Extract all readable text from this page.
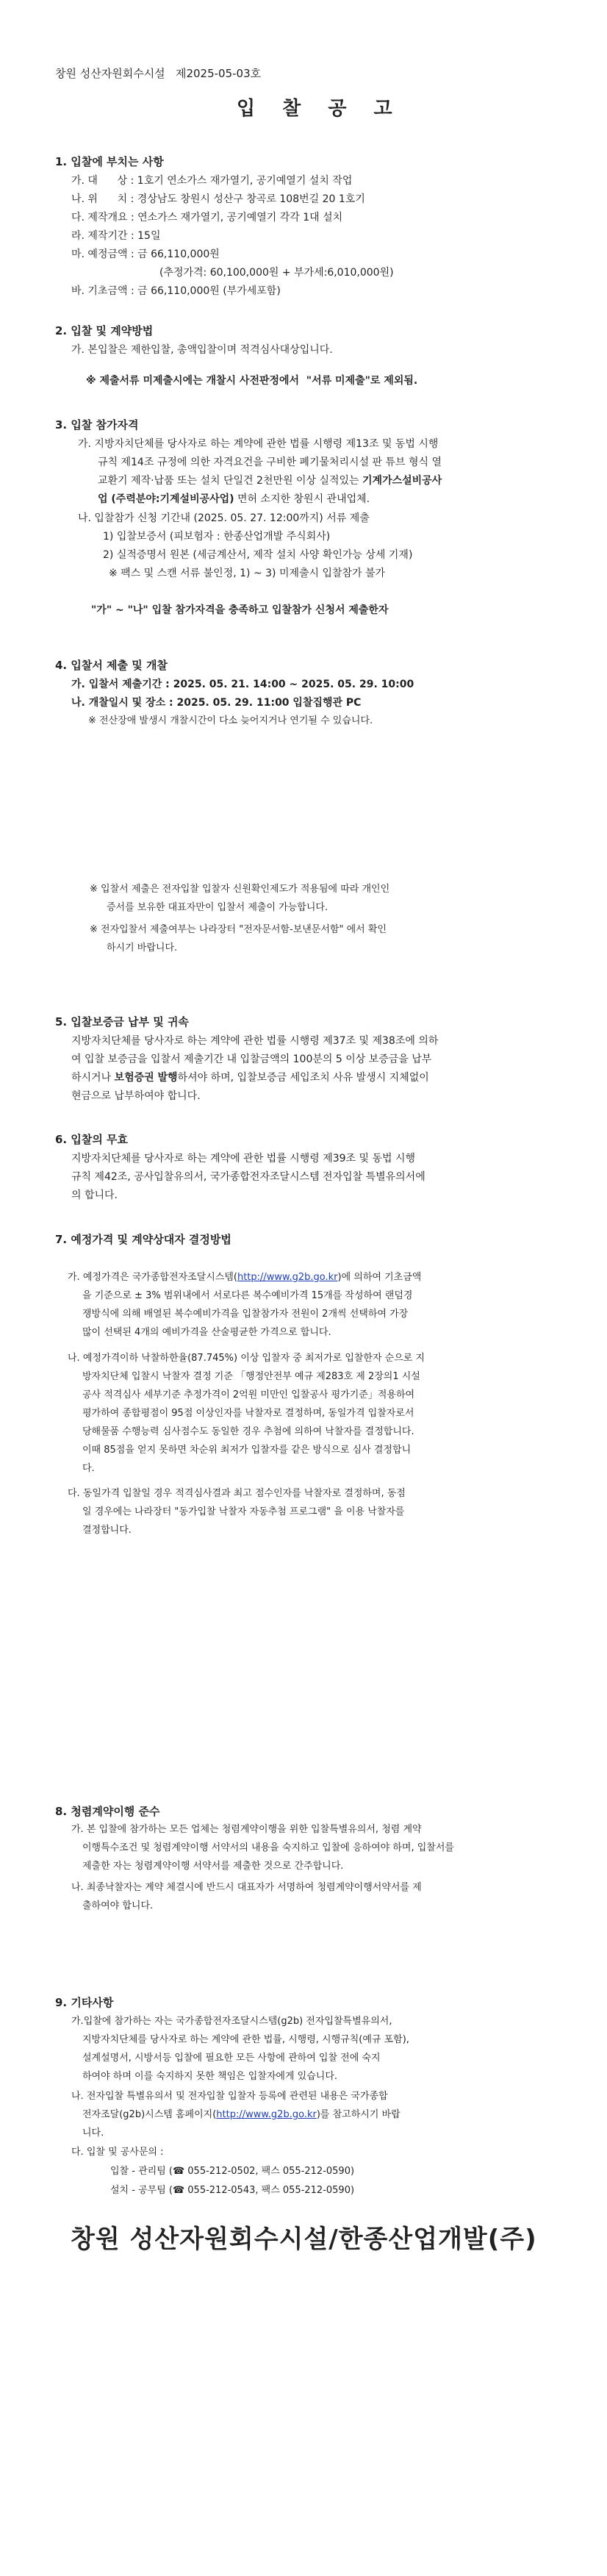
창원 성산자원회수시설   제2025-05-03호
입 찰 공 고
1. 입찰에 부치는 사항
가. 대      상 : 1호기 연소가스 재가열기, 공기예열기 설치 작업
나. 위      치 : 경상남도 창원시 성산구 창곡로 108번길 20 1호기
다. 제작개요 : 연소가스 재가열기, 공기예열기 각각 1대 설치
라. 제작기간 : 15일
마. 예정금액 : 금 66,110,000원
(추정가격: 60,100,000원 + 부가세:6,010,000원)
바. 기초금액 : 금 66,110,000원 (부가세포함)
2. 입찰 및 계약방법
가. 본입찰은 제한입찰, 총액입찰이며 적격심사대상입니다.
※ 제출서류 미제출시에는 개찰시 사전판정에서  "서류 미제출"로 제외됨.
3. 입찰 참가자격
가. 지방자치단체를 당사자로 하는 계약에 관한 법률 시행령 제13조 및 동법 시행
규칙 제14조 규정에 의한 자격요건을 구비한 폐기물처리시설 판 튜브 형식 열
교환기 제작·납품 또는 설치 단일건 2천만원 이상 실적있는 기계가스설비공사
업 (주력분야:기계설비공사업) 면허 소지한 창원시 관내업체.
나. 입찰참가 신청 기간내 (2025. 05. 27. 12:00까지) 서류 제출
1) 입찰보증서 (피보험자 : 한종산업개발 주식회사)
2) 실적증명서 원본 (세금계산서, 제작 설치 사양 확인가능 상세 기재)
※ 팩스 및 스캔 서류 불인정, 1) ~ 3) 미제출시 입찰참가 불가
"가" ~ "나" 입찰 참가자격을 충족하고 입찰참가 신청서 제출한자
4. 입찰서 제출 및 개찰
가. 입찰서 제출기간 : 2025. 05. 21. 14:00 ~ 2025. 05. 29. 10:00
나. 개찰일시 및 장소 : 2025. 05. 29. 11:00 입찰집행관 PC
※ 전산장애 발생시 개찰시간이 다소 늦어지거나 연기될 수 있습니다.
※ 입찰서 제출은 전자입찰 입찰자 신원확인제도가 적용됨에 따라 개인인
증서를 보유한 대표자만이 입찰서 제출이 가능합니다.
※ 전자입찰서 제출여부는 나라장터 "전자문서함-보낸문서함" 에서 확인
하시기 바랍니다.
5. 입찰보증금 납부 및 귀속
지방자치단체를 당사자로 하는 계약에 관한 법률 시행령 제37조 및 제38조에 의하
여 입찰 보증금을 입찰서 제출기간 내 입찰금액의 100분의 5 이상 보증금을 납부
하시거나 보험증권 발행하셔야 하며, 입찰보증금 세입조치 사유 발생시 지체없이
현금으로 납부하여야 합니다.
6. 입찰의 무효
지방자치단체를 당사자로 하는 계약에 관한 법률 시행령 제39조 및 동법 시행
규칙 제42조, 공사입찰유의서, 국가종합전자조달시스템 전자입찰 특별유의서에
의 합니다.
7. 예정가격 및 계약상대자 결정방법
가. 예정가격은 국가종합전자조달시스템(http://www.g2b.go.kr)에 의하여 기초금액
을 기준으로 ± 3% 범위내에서 서로다른 복수예비가격 15개를 작성하여 랜덤경
쟁방식에 의해 배열된 복수예비가격을 입찰참가자 전원이 2개씩 선택하여 가장
많이 선택된 4개의 예비가격을 산술평균한 가격으로 합니다.
나. 예정가격이하 낙찰하한율(87.745%) 이상 입찰자 중 최저가로 입찰한자 순으로 지
방자치단체 입찰시 낙찰자 결정 기준 「행정안전부 예규 제283호 제 2장의1 시설
공사 적격심사 세부기준 추정가격이 2억원 미만인 입찰공사 평가기준」적용하여
평가하여 종합평점이 95점 이상인자를 낙찰자로 결정하며, 동일가격 입찰자로서
당해물품 수행능력 심사점수도 동일한 경우 추첨에 의하여 낙찰자를 결정합니다.
이때 85점을 얻지 못하면 차순위 최저가 입찰자를 같은 방식으로 심사 결정합니
다.
다. 동일가격 입찰일 경우 적격심사결과 최고 점수인자를 낙찰자로 결정하며, 동점
일 경우에는 나라장터 "동가입찰 낙찰자 자동추첨 프로그램" 을 이용 낙찰자를
결정합니다.
8. 청렴계약이행 준수
가. 본 입찰에 참가하는 모든 업체는 청렴계약이행을 위한 입찰특별유의서, 청렴 계약
이행특수조건 및 청렴계약이행 서약서의 내용을 숙지하고 입찰에 응하여야 하며, 입찰서를
제출한 자는 청렴계약이행 서약서를 제출한 것으로 간주합니다.
나. 최종낙찰자는 계약 체결시에 반드시 대표자가 서명하여 청렴계약이행서약서를 제
출하여야 합니다.
9. 기타사항
가.입찰에 참가하는 자는 국가종합전자조달시스템(g2b) 전자입찰특별유의서,
지방자치단체를 당사자로 하는 계약에 관한 법률, 시행령, 시행규칙(예규 포함),
설계설명서, 시방서등 입찰에 필요한 모든 사항에 관하여 입찰 전에 숙지
하여야 하며 이를 숙지하지 못한 책임은 입찰자에게 있습니다.
나. 전자입찰 특별유의서 및 전자입찰 입찰자 등록에 관련된 내용은 국가종합
전자조달(g2b)시스템 홈페이지(http://www.g2b.go.kr)를 참고하시기 바랍
니다.
다. 입찰 및 공사문의 :
입찰 - 관리팀 (☎ 055-212-0502, 팩스 055-212-0590)
설치 - 공무팀 (☎ 055-212-0543, 팩스 055-212-0590)
창원 성산자원회수시설/한종산업개발(주)
